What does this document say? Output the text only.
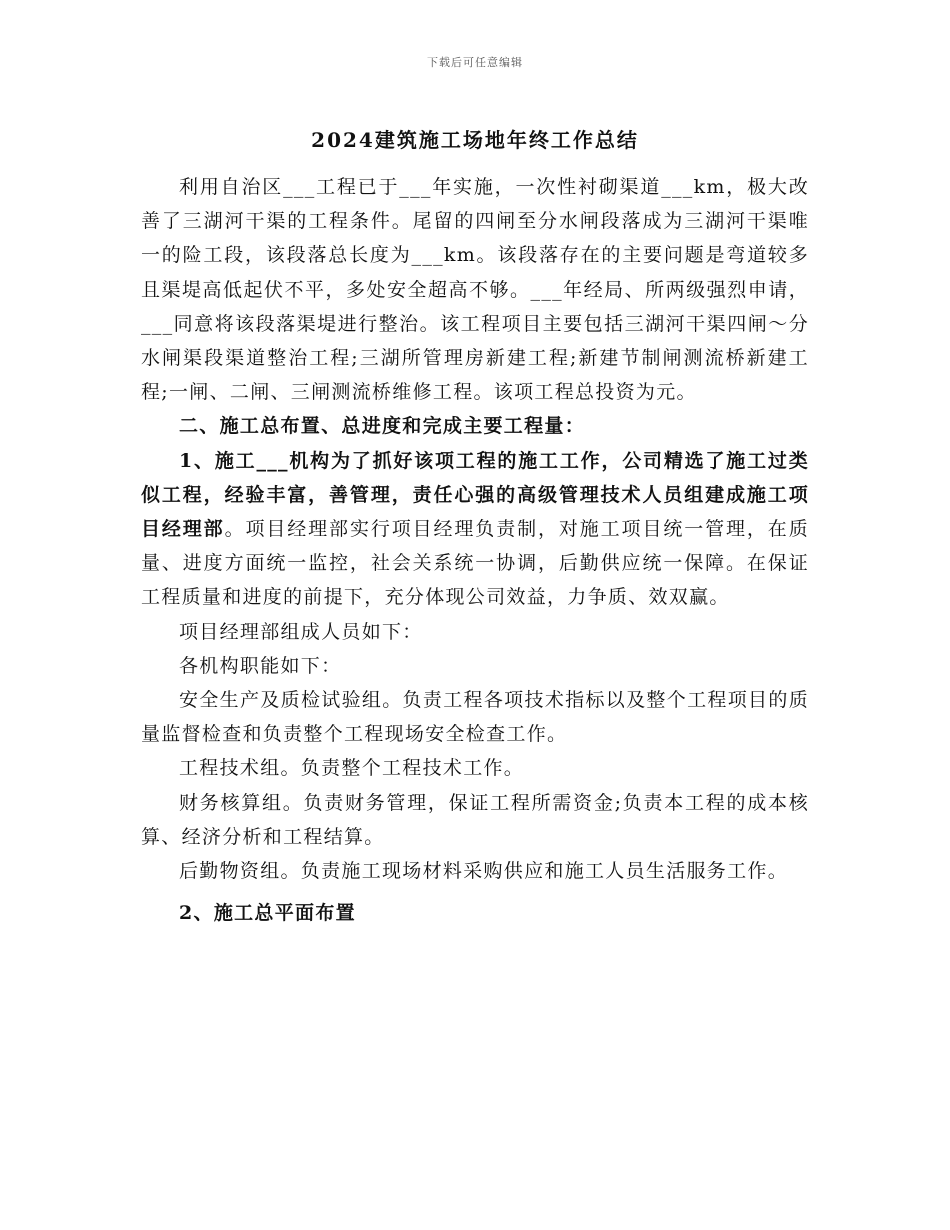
下载后可任意编辑
2024建筑施工场地年终工作总结

利用自治区___工程已于___年实施，一次性衬砌渠道___km，极大改善了三湖河干渠的工程条件。尾留的四闸至分水闸段落成为三湖河干渠唯一的险工段，该段落总长度为___km。该段落存在的主要问题是弯道较多且渠堤高低起伏不平，多处安全超高不够。___年经局、所两级强烈申请，___同意将该段落渠堤进行整治。该工程项目主要包括三湖河干渠四闸～分水闸渠段渠道整治工程;三湖所管理房新建工程;新建节制闸测流桥新建工程;一闸、二闸、三闸测流桥维修工程。该项工程总投资为元。

二、施工总布置、总进度和完成主要工程量：

1、施工___机构为了抓好该项工程的施工工作，公司精选了施工过类似工程，经验丰富，善管理，责任心强的高级管理技术人员组建成施工项目经理部。项目经理部实行项目经理负责制，对施工项目统一管理，在质量、进度方面统一监控，社会关系统一协调，后勤供应统一保障。在保证工程质量和进度的前提下，充分体现公司效益，力争质、效双赢。

项目经理部组成人员如下：

各机构职能如下：

安全生产及质检试验组。负责工程各项技术指标以及整个工程项目的质量监督检查和负责整个工程现场安全检查工作。

工程技术组。负责整个工程技术工作。

财务核算组。负责财务管理，保证工程所需资金;负责本工程的成本核算、经济分析和工程结算。

后勤物资组。负责施工现场材料采购供应和施工人员生活服务工作。

2、施工总平面布置
